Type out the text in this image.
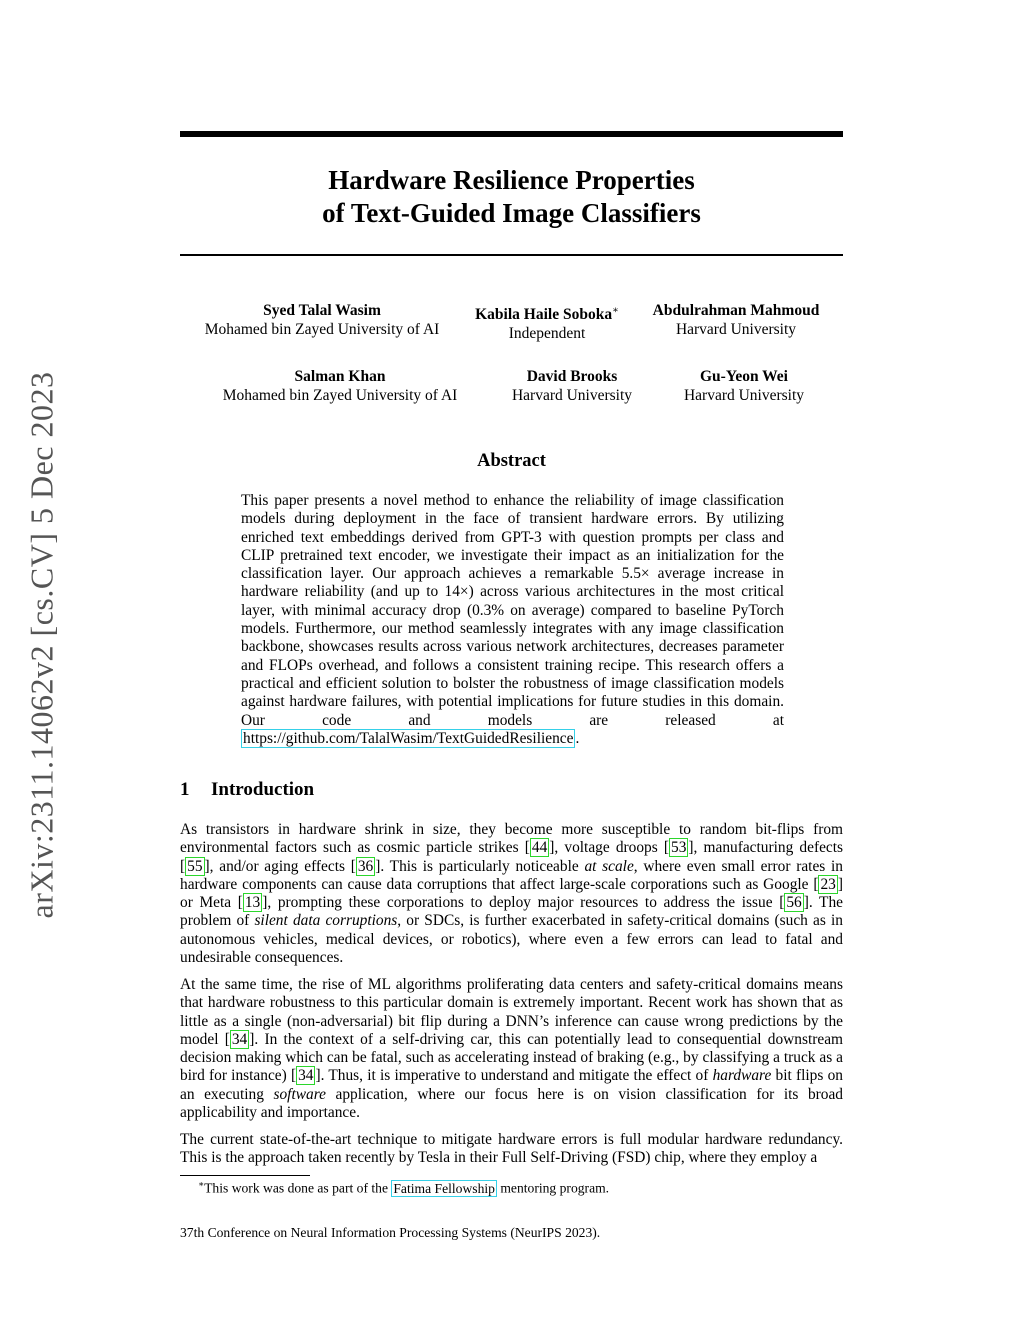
arXiv:2311.14062v2 [cs.CV] 5 Dec 2023
Hardware Resilience Properties
of Text-Guided Image Classifiers
Syed Talal Wasim
Mohamed bin Zayed University of AI
Kabila Haile Soboka∗
Independent
Abdulrahman Mahmoud
Harvard University
Salman Khan
Mohamed bin Zayed University of AI
David Brooks
Harvard University
Gu-Yeon Wei
Harvard University
Abstract
This paper presents a novel method to enhance the reliability of image classification models during deployment in the face of transient hardware errors. By utilizing enriched text embeddings derived from GPT-3 with question prompts per class and CLIP pretrained text encoder, we investigate their impact as an initialization for the classification layer. Our approach achieves a remarkable 5.5× average increase in hardware reliability (and up to 14×) across various architectures in the most critical layer, with minimal accuracy drop (0.3% on average) compared to baseline PyTorch models. Furthermore, our method seamlessly integrates with any image classification backbone, showcases results across various network architectures, decreases parameter and FLOPs overhead, and follows a consistent training recipe. This research offers a practical and efficient solution to bolster the robustness of image classification models against hardware failures, with potential implications for future studies in this domain. Our code and models are released at https://github.com/TalalWasim/TextGuidedResilience .
1 Introduction
As transistors in hardware shrink in size, they become more susceptible to random bit-flips from environmental factors such as cosmic particle strikes [ 44 ], voltage droops [ 53 ], manufacturing defects [ 55 ], and/or aging effects [ 36 ]. This is particularly noticeable at scale, where even small error rates in hardware components can cause data corruptions that affect large-scale corporations such as Google [ 23 ] or Meta [ 13 ], prompting these corporations to deploy major resources to address the issue [ 56 ]. The problem of silent data corruptions, or SDCs, is further exacerbated in safety-critical domains (such as in autonomous vehicles, medical devices, or robotics), where even a few errors can lead to fatal and undesirable consequences.
At the same time, the rise of ML algorithms proliferating data centers and safety-critical domains means that hardware robustness to this particular domain is extremely important. Recent work has shown that as little as a single (non-adversarial) bit flip during a DNN’s inference can cause wrong predictions by the model [ 34 ]. In the context of a self-driving car, this can potentially lead to consequential downstream decision making which can be fatal, such as accelerating instead of braking (e.g., by classifying a truck as a bird for instance) [ 34 ]. Thus, it is imperative to understand and mitigate the effect of hardware bit flips on an executing software application, where our focus here is on vision classification for its broad applicability and importance.
The current state-of-the-art technique to mitigate hardware errors is full modular hardware redundancy. This is the approach taken recently by Tesla in their Full Self-Driving (FSD) chip, where they employ a
∗This work was done as part of the Fatima Fellowship mentoring program.
37th Conference on Neural Information Processing Systems (NeurIPS 2023).
